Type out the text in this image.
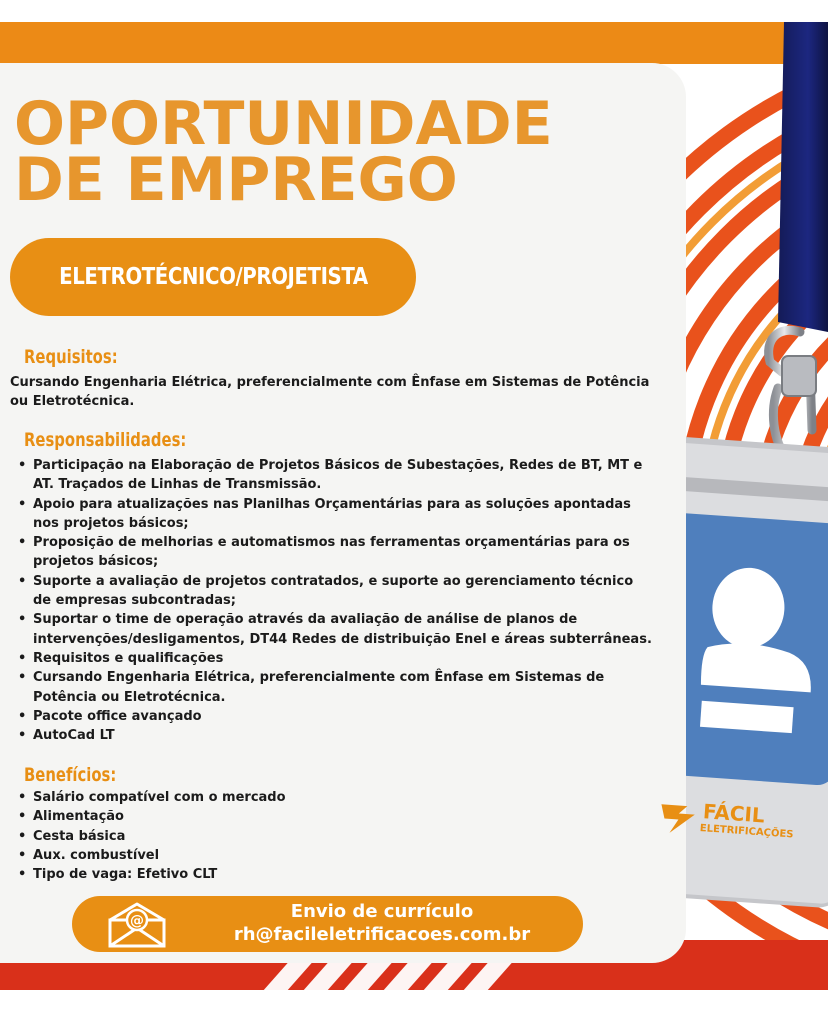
OPORTUNIDADE
DE EMPREGO
ELETROTÉCNICO/PROJETISTA
Requisitos:

Cursando Engenharia Elétrica, preferencialmente com Ênfase em Sistemas de Potência
ou Eletrotécnica.

Responsabilidades:
• Participação na Elaboração de Projetos Básicos de Subestações, Redes de BT, MT e
AT. Traçados de Linhas de Transmissão.
• Apoio para atualizações nas Planilhas Orçamentárias para as soluções apontadas
nos projetos básicos;
• Proposição de melhorias e automatismos nas ferramentas orçamentárias para os
projetos básicos;
• Suporte a avaliação de projetos contratados, e suporte ao gerenciamento técnico
de empresas subcontradas;
• Suportar o time de operação através da avaliação de análise de planos de
intervenções/desligamentos, DT44 Redes de distribuição Enel e áreas subterrâneas.
• Requisitos e qualificações
• Cursando Engenharia Elétrica, preferencialmente com Ênfase em Sistemas de
Potência ou Eletrotécnica.
• Pacote office avançado
• AutoCad LT
Benefícios:
• Salário compatível com o mercado
• Alimentação
• Cesta básica
• Aux. combustível
• Tipo de vaga: Efetivo CLT
FÁCIL
ELETRIFICAÇÕES
@	Envio de currículo
rh@facileletrificacoes.com.br
